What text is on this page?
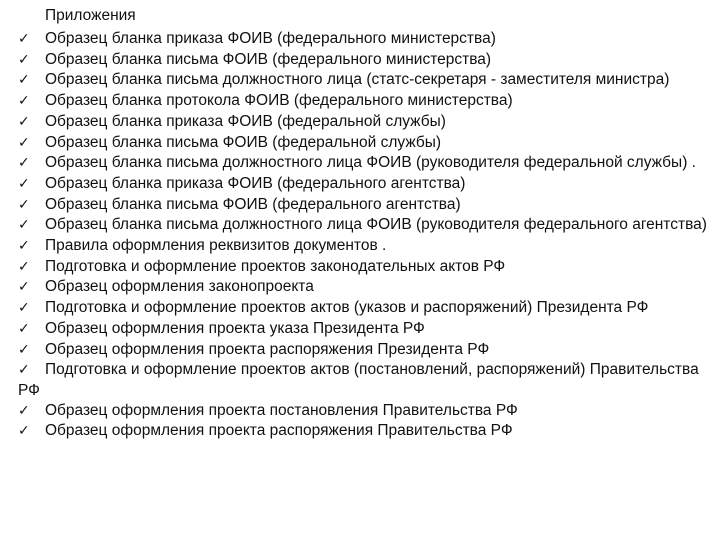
Приложения
✓ Образец бланка приказа ФОИВ (федерального министерства)
✓ Образец бланка письма ФОИВ (федерального министерства)
✓ Образец бланка письма должностного лица (статс-секретаря - заместителя министра)
✓ Образец бланка протокола ФОИВ (федерального министерства)
✓ Образец бланка приказа ФОИВ (федеральной службы)
✓ Образец бланка письма ФОИВ (федеральной службы)
✓ Образец бланка письма должностного лица ФОИВ (руководителя федеральной службы) .
✓ Образец бланка приказа ФОИВ (федерального агентства)
✓ Образец бланка письма ФОИВ (федерального агентства)
✓ Образец бланка письма должностного лица ФОИВ (руководителя федерального агентства)
✓ Правила оформления реквизитов документов .
✓ Подготовка и оформление проектов законодательных актов РФ
✓ Образец оформления законопроекта
✓ Подготовка и оформление проектов актов (указов и распоряжений) Президента РФ
✓ Образец оформления проекта указа Президента РФ
✓ Образец оформления проекта распоряжения Президента РФ
✓ Подготовка и оформление проектов актов (постановлений, распоряжений) Правительства РФ
✓ Образец оформления проекта постановления Правительства РФ
✓ Образец оформления проекта распоряжения Правительства РФ
